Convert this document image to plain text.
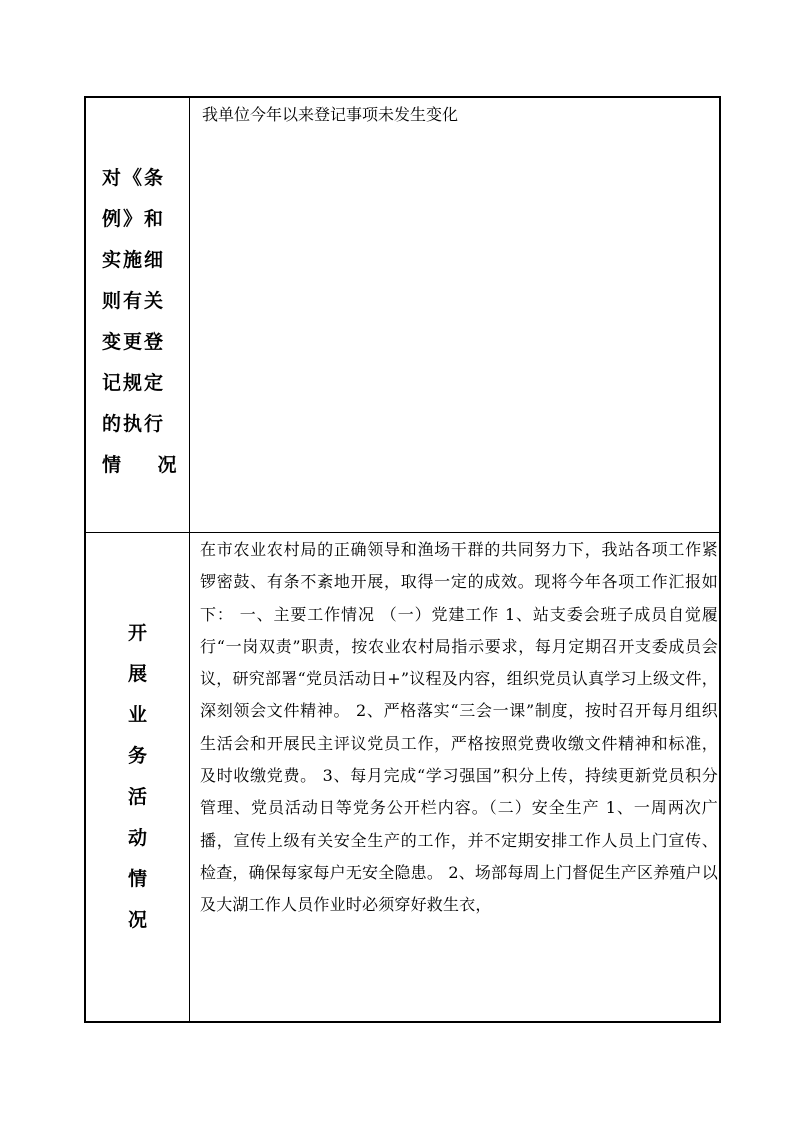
对《条
例》和
实施细
则有关
变更登
记规定
的执行
情    况
我单位今年以来登记事项未发生变化
开
展
业
务
活
动
情
况
在市农业农村局的正确领导和渔场干群的共同努力下，我站各项工作紧锣密鼓、有条不紊地开展，取得一定的成效。现将今年各项工作汇报如下： 一、主要工作情况 （一）党建工作 1、站支委会班子成员自觉履行“一岗双责”职责，按农业农村局指示要求，每月定期召开支委成员会议，研究部署“党员活动日+”议程及内容，组织党员认真学习上级文件，深刻领会文件精神。 2、严格落实“三会一课”制度，按时召开每月组织生活会和开展民主评议党员工作，严格按照党费收缴文件精神和标准，及时收缴党费。 3、每月完成“学习强国”积分上传，持续更新党员积分管理、党员活动日等党务公开栏内容。（二）安全生产 1、一周两次广播，宣传上级有关安全生产的工作，并不定期安排工作人员上门宣传、检查，确保每家每户无安全隐患。 2、场部每周上门督促生产区养殖户以及大湖工作人员作业时必须穿好救生衣，
